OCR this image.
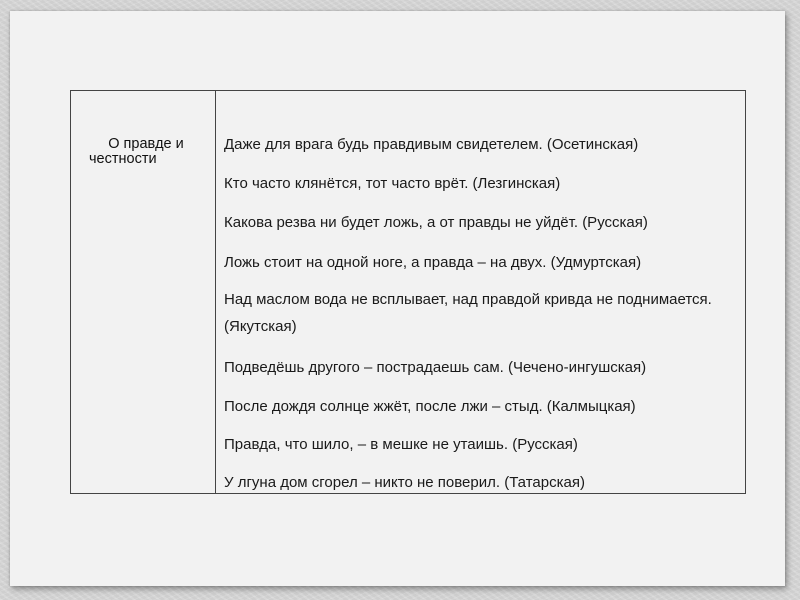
О правде и
честности
Даже для врага будь правдивым свидетелем. (Осетинская)
Кто часто клянётся, тот часто врёт. (Лезгинская)
Какова резва ни будет ложь, а от правды не уйдёт. (Русская)
Ложь стоит на одной ноге, а правда – на двух. (Удмуртская)
Над маслом вода не всплывает, над правдой кривда не поднимается. (Якутская)
Подведёшь другого – пострадаешь сам. (Чечено-ингушская)
После дождя солнце жжёт, после лжи – стыд. (Калмыцкая)
Правда, что шило, – в мешке не утаишь. (Русская)
У лгуна дом сгорел – никто не поверил. (Татарская)
